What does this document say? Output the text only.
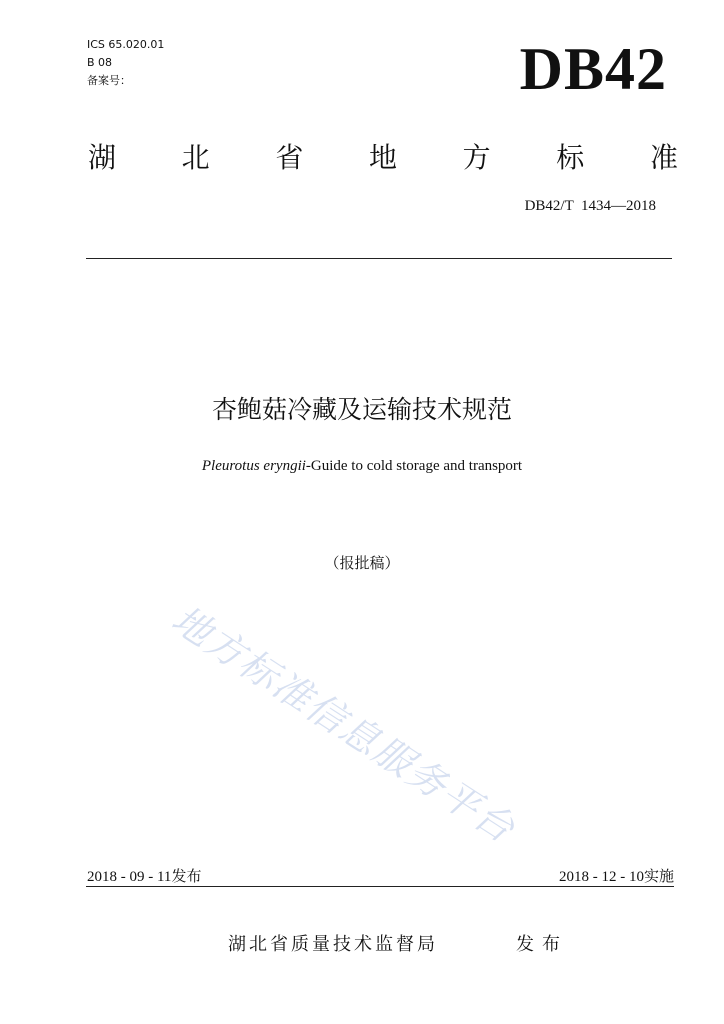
ICS 65.020.01
B 08
备案号：	DB42
湖 北 省 地 方 标 准
DB42/T  1434—2018
杏鲍菇冷藏及运输技术规范
Pleurotus eryngii-Guide to cold storage and transport
（报批稿）
地方标准信息服务平台
2018 - 09 - 11发布	2018 - 12 - 10实施
湖北省质量技术监督局	发布
